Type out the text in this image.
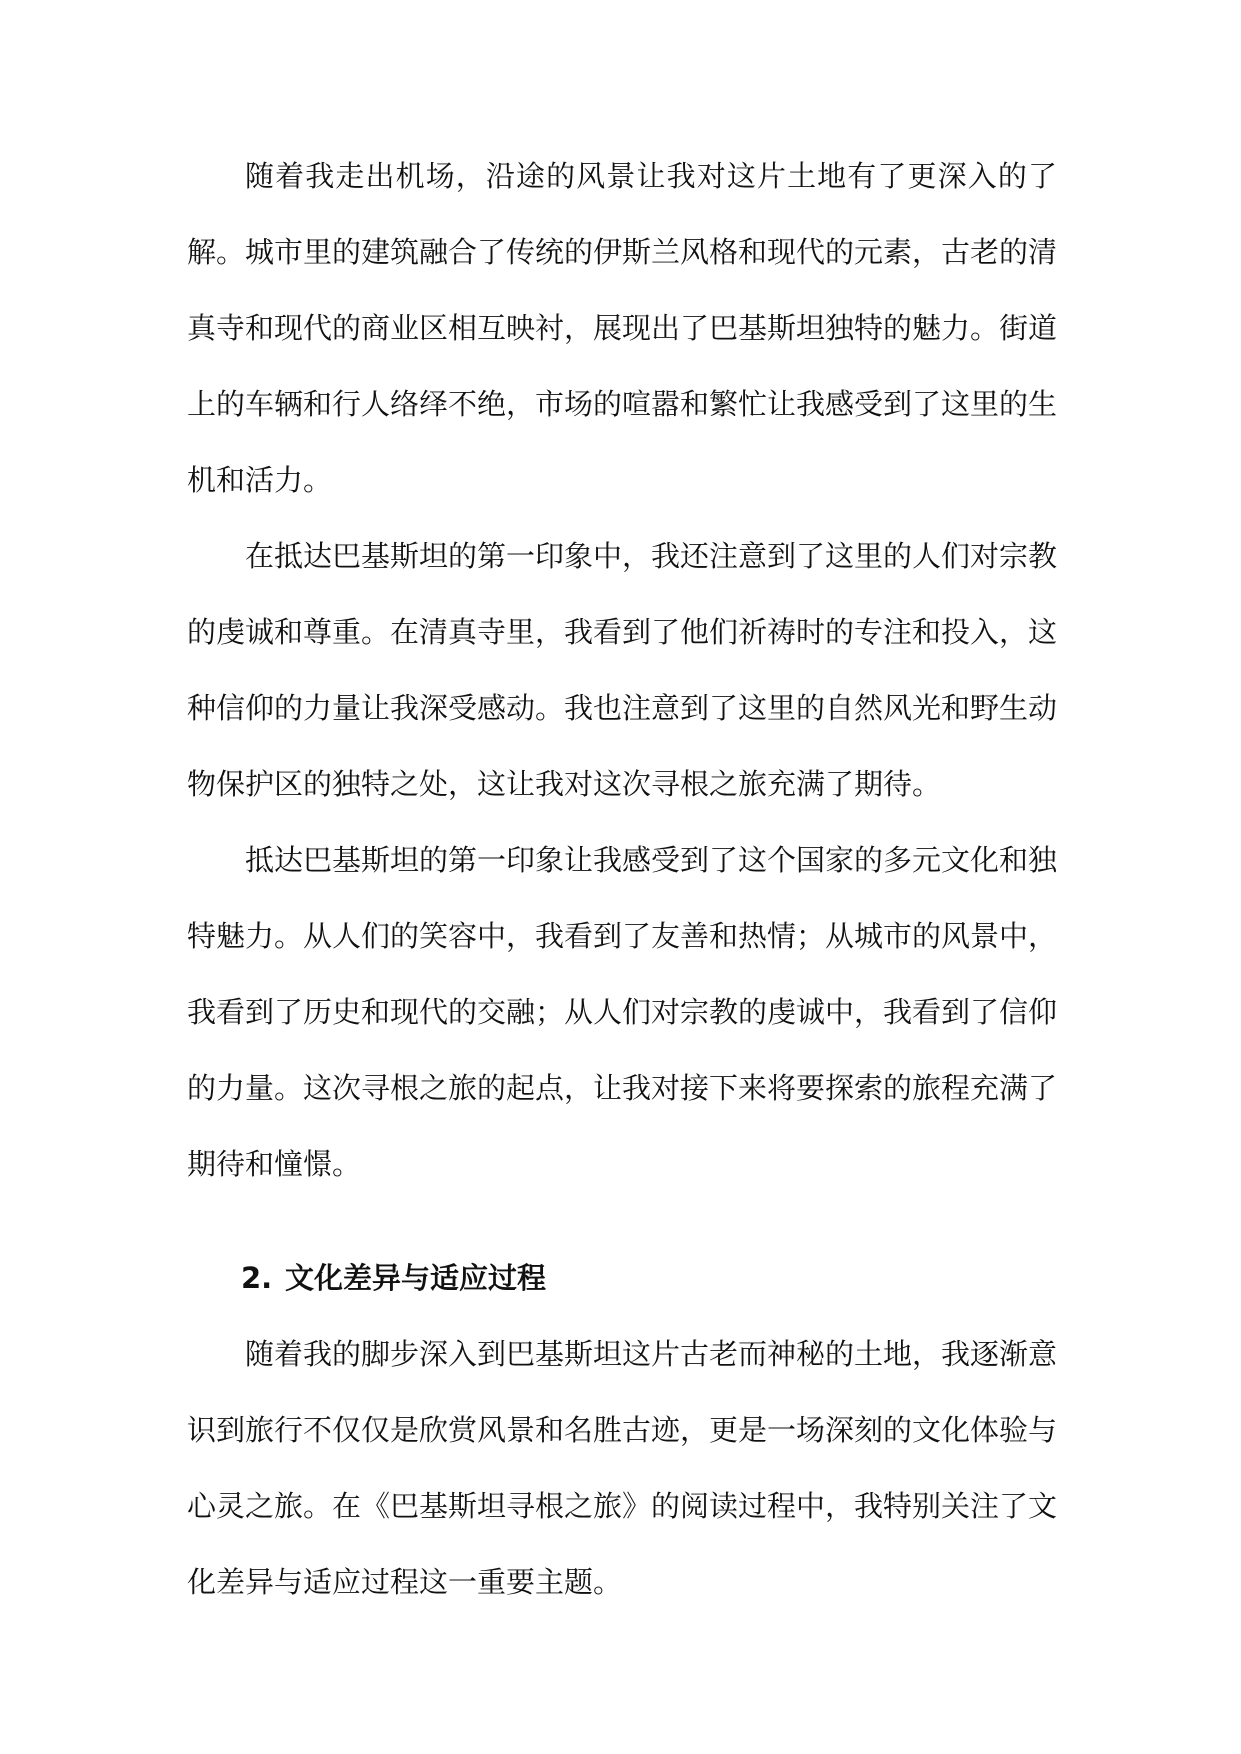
随着我走出机场，沿途的风景让我对这片土地有了更深入的了解。城市里的建筑融合了传统的伊斯兰风格和现代的元素，古老的清真寺和现代的商业区相互映衬，展现出了巴基斯坦独特的魅力。街道上的车辆和行人络绎不绝，市场的喧嚣和繁忙让我感受到了这里的生机和活力。

在抵达巴基斯坦的第一印象中，我还注意到了这里的人们对宗教的虔诚和尊重。在清真寺里，我看到了他们祈祷时的专注和投入，这种信仰的力量让我深受感动。我也注意到了这里的自然风光和野生动物保护区的独特之处，这让我对这次寻根之旅充满了期待。

抵达巴基斯坦的第一印象让我感受到了这个国家的多元文化和独特魅力。从人们的笑容中，我看到了友善和热情；从城市的风景中，我看到了历史和现代的交融；从人们对宗教的虔诚中，我看到了信仰的力量。这次寻根之旅的起点，让我对接下来将要探索的旅程充满了期待和憧憬。

2. 文化差异与适应过程

随着我的脚步深入到巴基斯坦这片古老而神秘的土地，我逐渐意识到旅行不仅仅是欣赏风景和名胜古迹，更是一场深刻的文化体验与心灵之旅。在《巴基斯坦寻根之旅》的阅读过程中，我特别关注了文化差异与适应过程这一重要主题。
